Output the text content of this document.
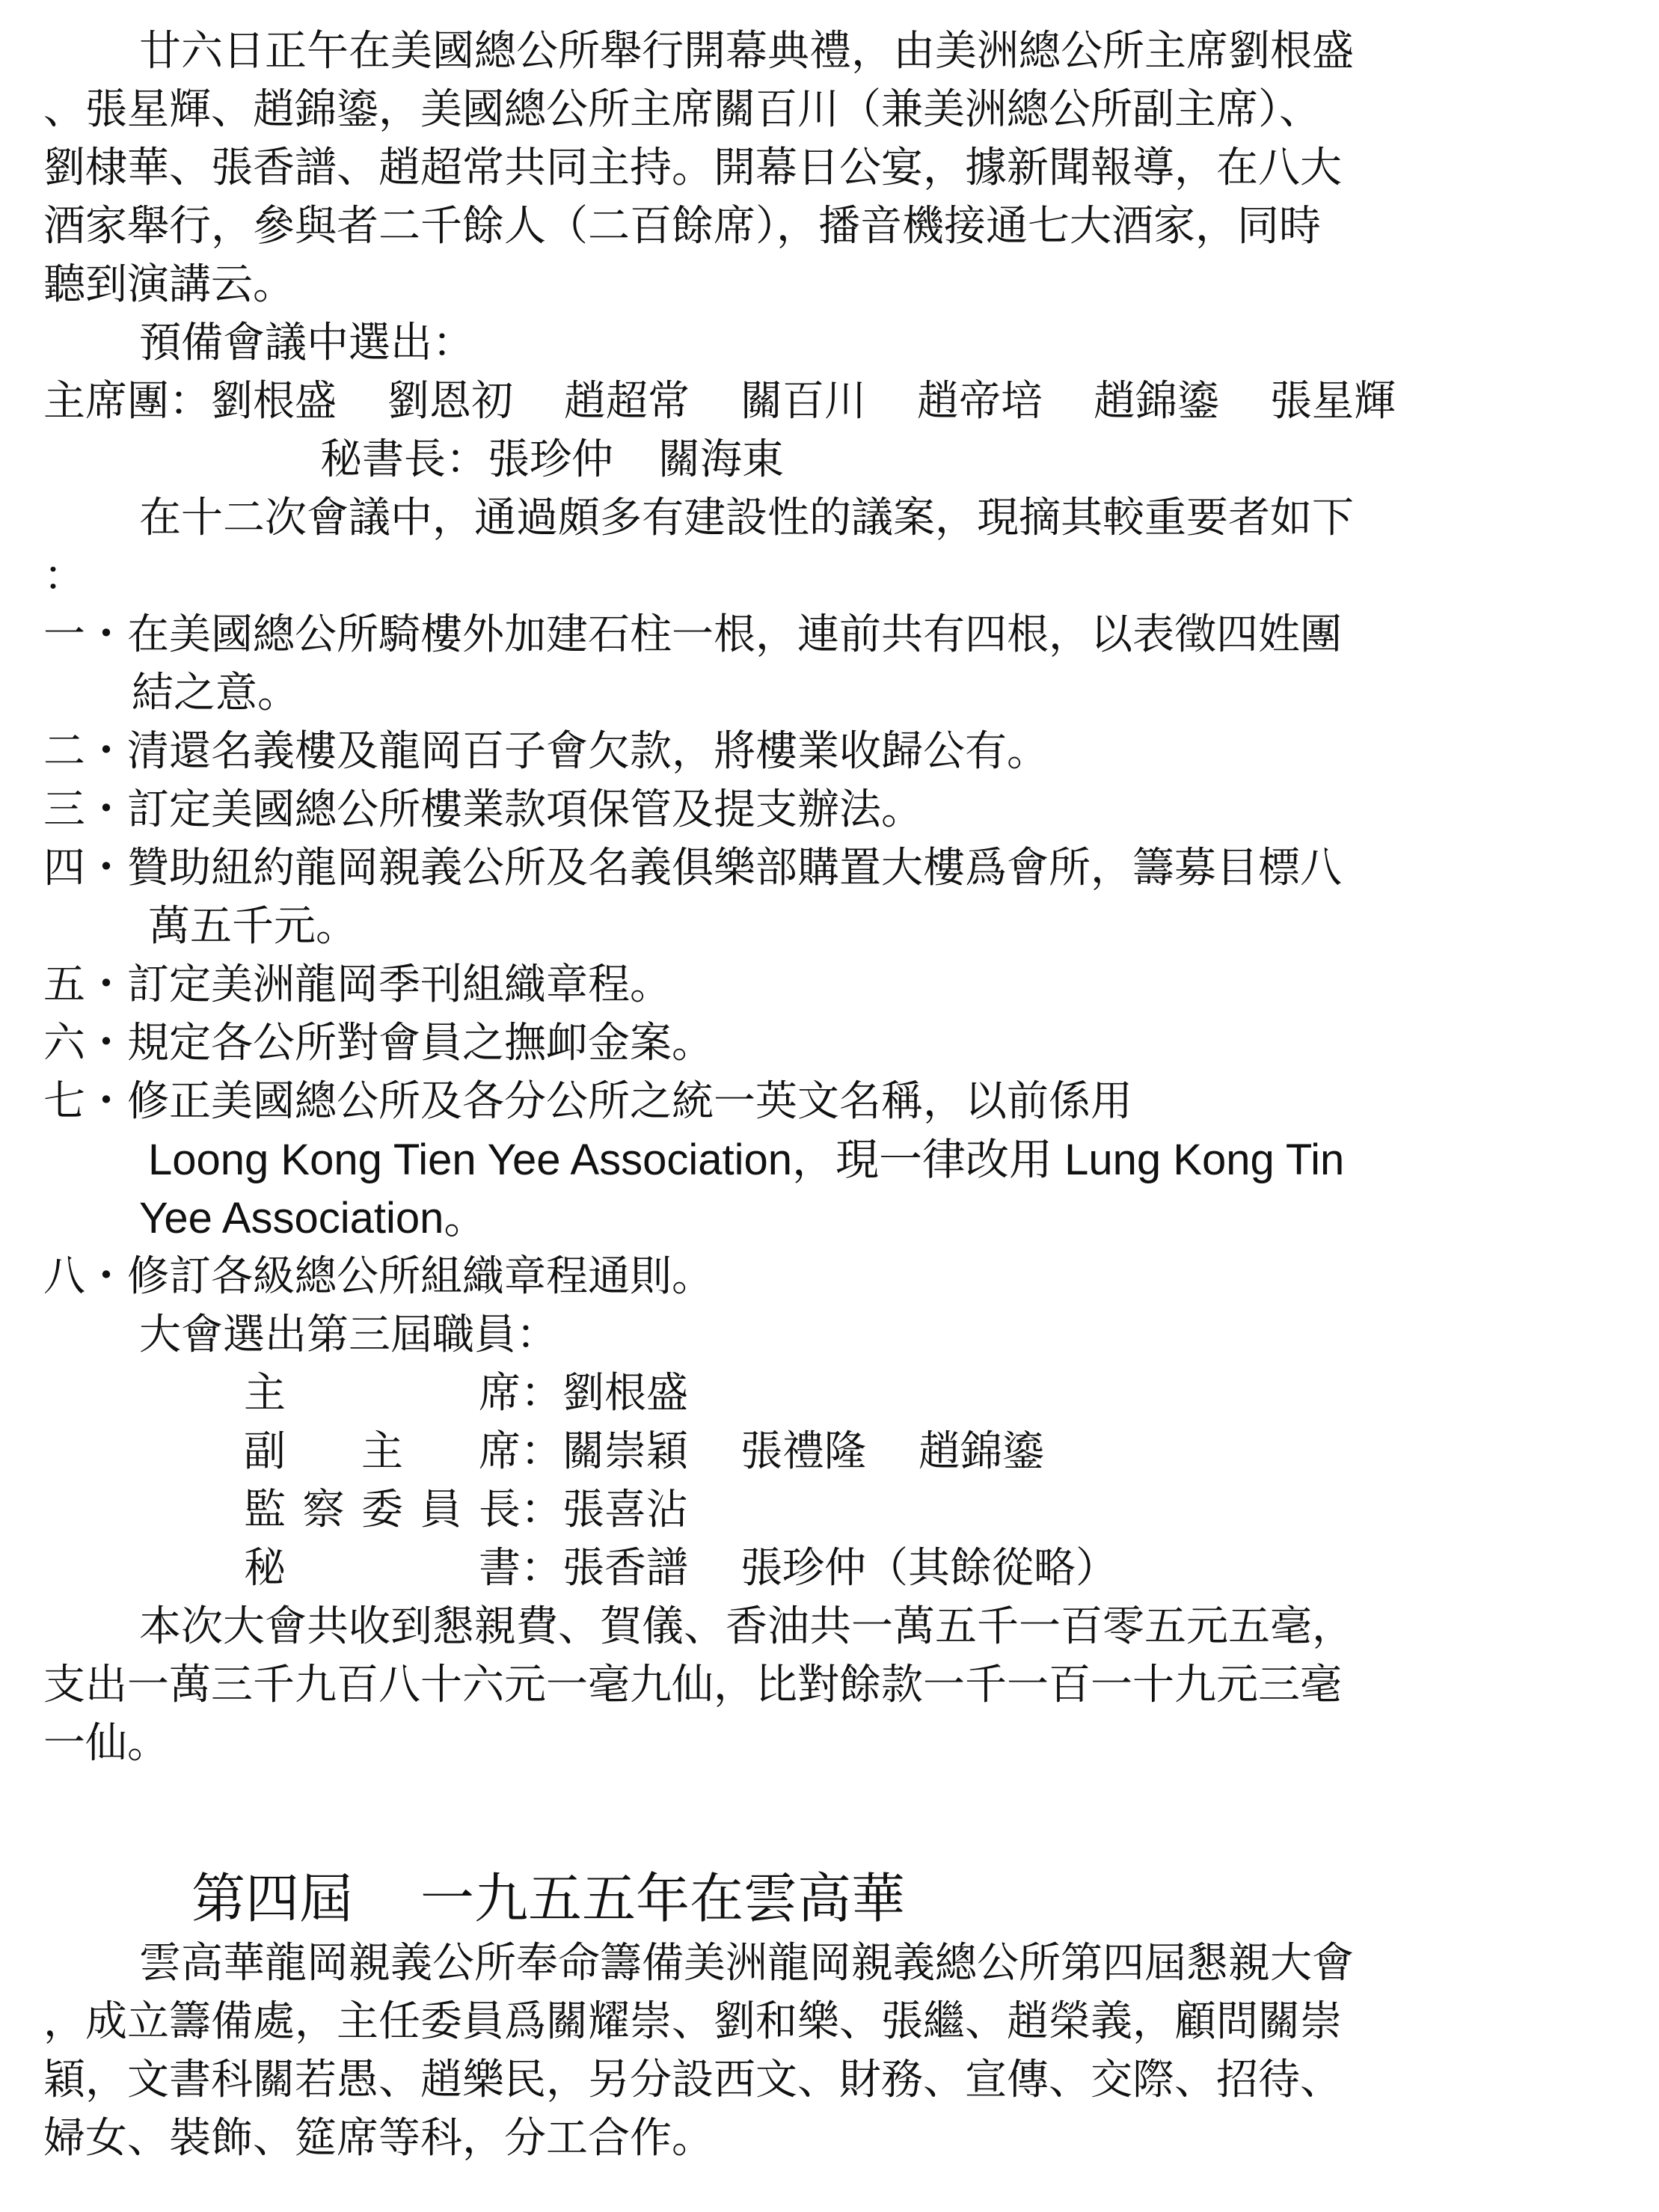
廿六日正午在美國總公所舉行開幕典禮，由美洲總公所主席劉根盛

、張星輝、趙錦鎏，美國總公所主席關百川（兼美洲總公所副主席）、

劉棣華、張香譜、趙超常共同主持。開幕日公宴，據新聞報導，在八大

酒家舉行，參與者二千餘人（二百餘席），播音機接通七大酒家，同時

聽到演講云。

預備會議中選出：

主席團： 劉根盛 劉恩初 趙超常 關百川 趙帝培 趙錦鎏 張星輝
秘書長：張珍仲 關海東

在十二次會議中，通過頗多有建設性的議案，現摘其較重要者如下

：

一・ 在美國總公所騎樓外加建石柱一根，連前共有四根，以表徵四姓團
結之意。
二・ 清還名義樓及龍岡百子會欠款，將樓業收歸公有。
三・ 訂定美國總公所樓業款項保管及提支辦法。
四・ 贊助紐約龍岡親義公所及名義俱樂部購置大樓爲會所，籌募目標八
萬五千元。
五・ 訂定美洲龍岡季刊組織章程。
六・ 規定各公所對會員之撫卹金案。
七・ 修正美國總公所及各分公所之統一英文名稱，以前係用
Loong Kong Tien Yee Association，現一律改用 Lung Kong Tin
Yee Association。
八・ 修訂各級總公所組織章程通則。

大會選出第三屆職員：

主	席 ： 劉根盛
副 主 席 ： 關崇穎 張禮隆 趙錦鎏
監 察 委 員 長 ： 張喜沾
秘	書 ： 張香譜 張珍仲（其餘從略）

本次大會共收到懇親費、賀儀、香油共一萬五千一百零五元五毫，

支出一萬三千九百八十六元一毫九仙，比對餘款一千一百一十九元三毫

一仙。

第四屆 一九五五年在雲高華

雲高華龍岡親義公所奉命籌備美洲龍岡親義總公所第四屆懇親大會

，成立籌備處，主任委員爲關耀崇、劉和樂、張繼、趙榮義，顧問關崇

穎，文書科關若愚、趙樂民，另分設西文、財務、宣傳、交際、招待、

婦女、裝飾、筵席等科，分工合作。
